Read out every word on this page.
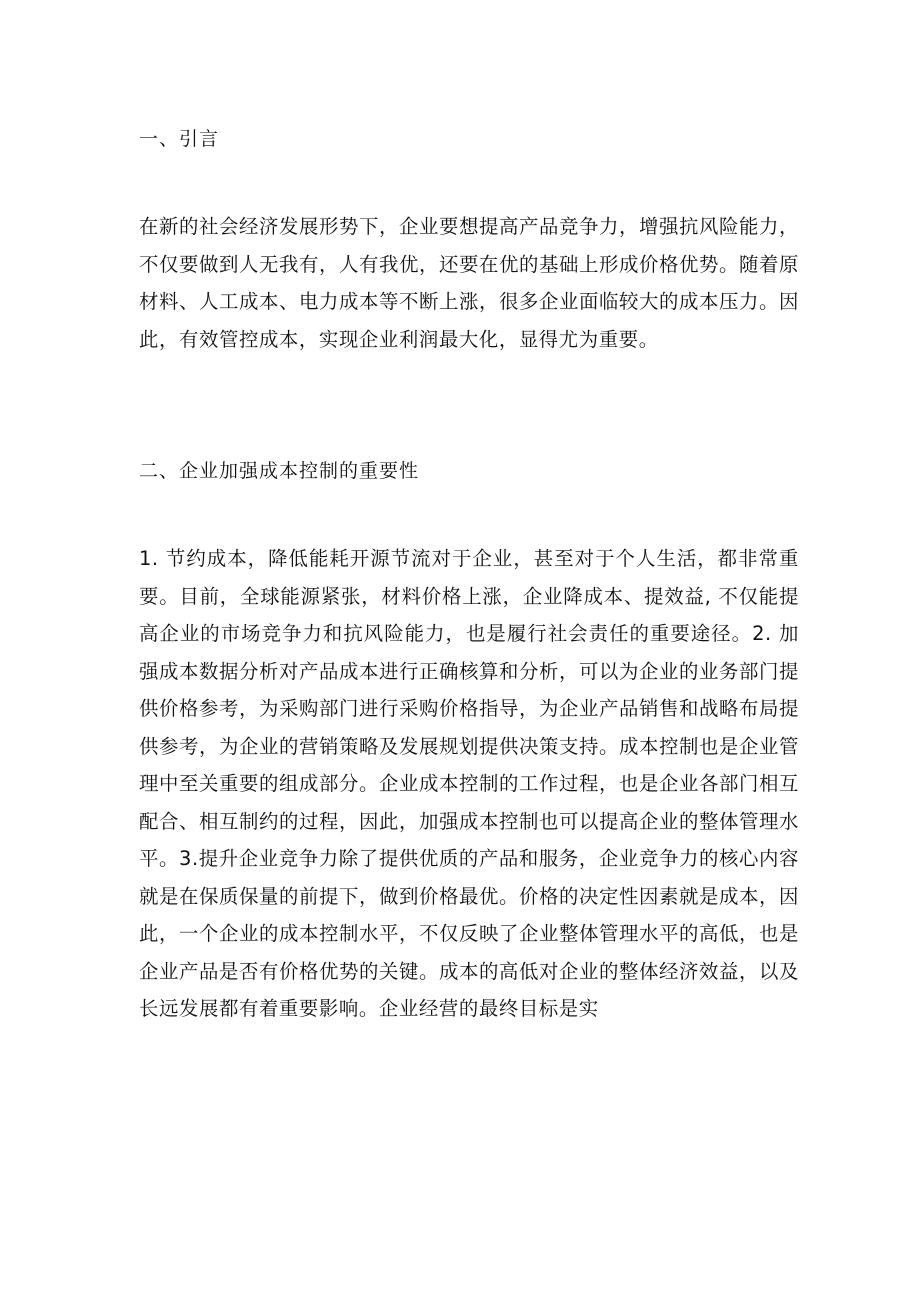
一、引言

在新的社会经济发展形势下，企业要想提高产品竞争力，增强抗风险能力，不仅要做到人无我有，人有我优，还要在优的基础上形成价格优势。随着原材料、人工成本、电力成本等不断上涨，很多企业面临较大的成本压力。因此，有效管控成本，实现企业利润最大化，显得尤为重要。

二、企业加强成本控制的重要性

1. 节约成本，降低能耗开源节流对于企业，甚至对于个人生活，都非常重要。目前，全球能源紧张，材料价格上涨，企业降成本、提效益, 不仅能提高企业的市场竞争力和抗风险能力，也是履行社会责任的重要途径。2. 加强成本数据分析对产品成本进行正确核算和分析，可以为企业的业务部门提供价格参考，为采购部门进行采购价格指导，为企业产品销售和战略布局提供参考，为企业的营销策略及发展规划提供决策支持。成本控制也是企业管理中至关重要的组成部分。企业成本控制的工作过程，也是企业各部门相互配合、相互制约的过程，因此，加强成本控制也可以提高企业的整体管理水平。3.提升企业竞争力除了提供优质的产品和服务，企业竞争力的核心内容就是在保质保量的前提下，做到价格最优。价格的决定性因素就是成本，因此，一个企业的成本控制水平，不仅反映了企业整体管理水平的高低，也是企业产品是否有价格优势的关键。成本的高低对企业的整体经济效益，以及长远发展都有着重要影响。企业经营的最终目标是实
